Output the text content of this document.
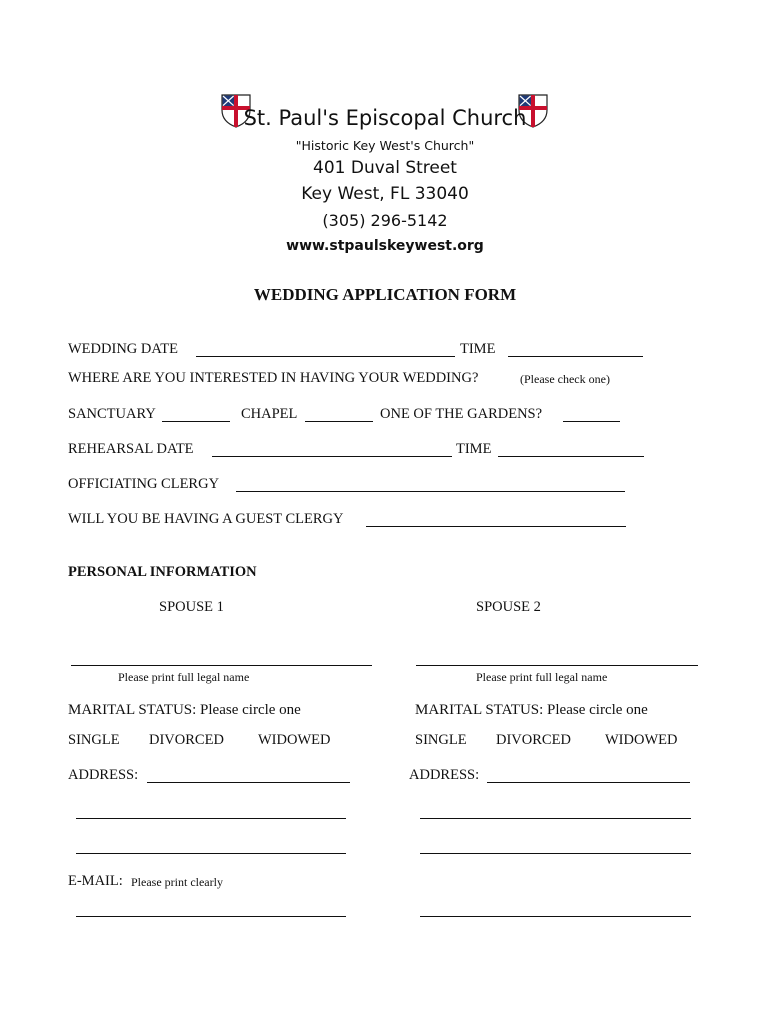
St. Paul's Episcopal Church
"Historic Key West's Church"
401 Duval Street
Key West, FL 33040
(305) 296-5142
www.stpaulskeywest.org
WEDDING APPLICATION FORM
WEDDING DATE	TIME
WHERE ARE YOU INTERESTED IN HAVING YOUR WEDDING?	(Please check one)
SANCTUARY	CHAPEL	ONE OF THE GARDENS?
REHEARSAL DATE	TIME
OFFICIATING CLERGY
WILL YOU BE HAVING A GUEST CLERGY
PERSONAL INFORMATION
SPOUSE 1	SPOUSE 2
Please print full legal name	Please print full legal name
MARITAL STATUS: Please circle one	MARITAL STATUS: Please circle one
SINGLE DIVORCED WIDOWED	SINGLE DIVORCED WIDOWED
ADDRESS:	ADDRESS:
E-MAIL: Please print clearly
